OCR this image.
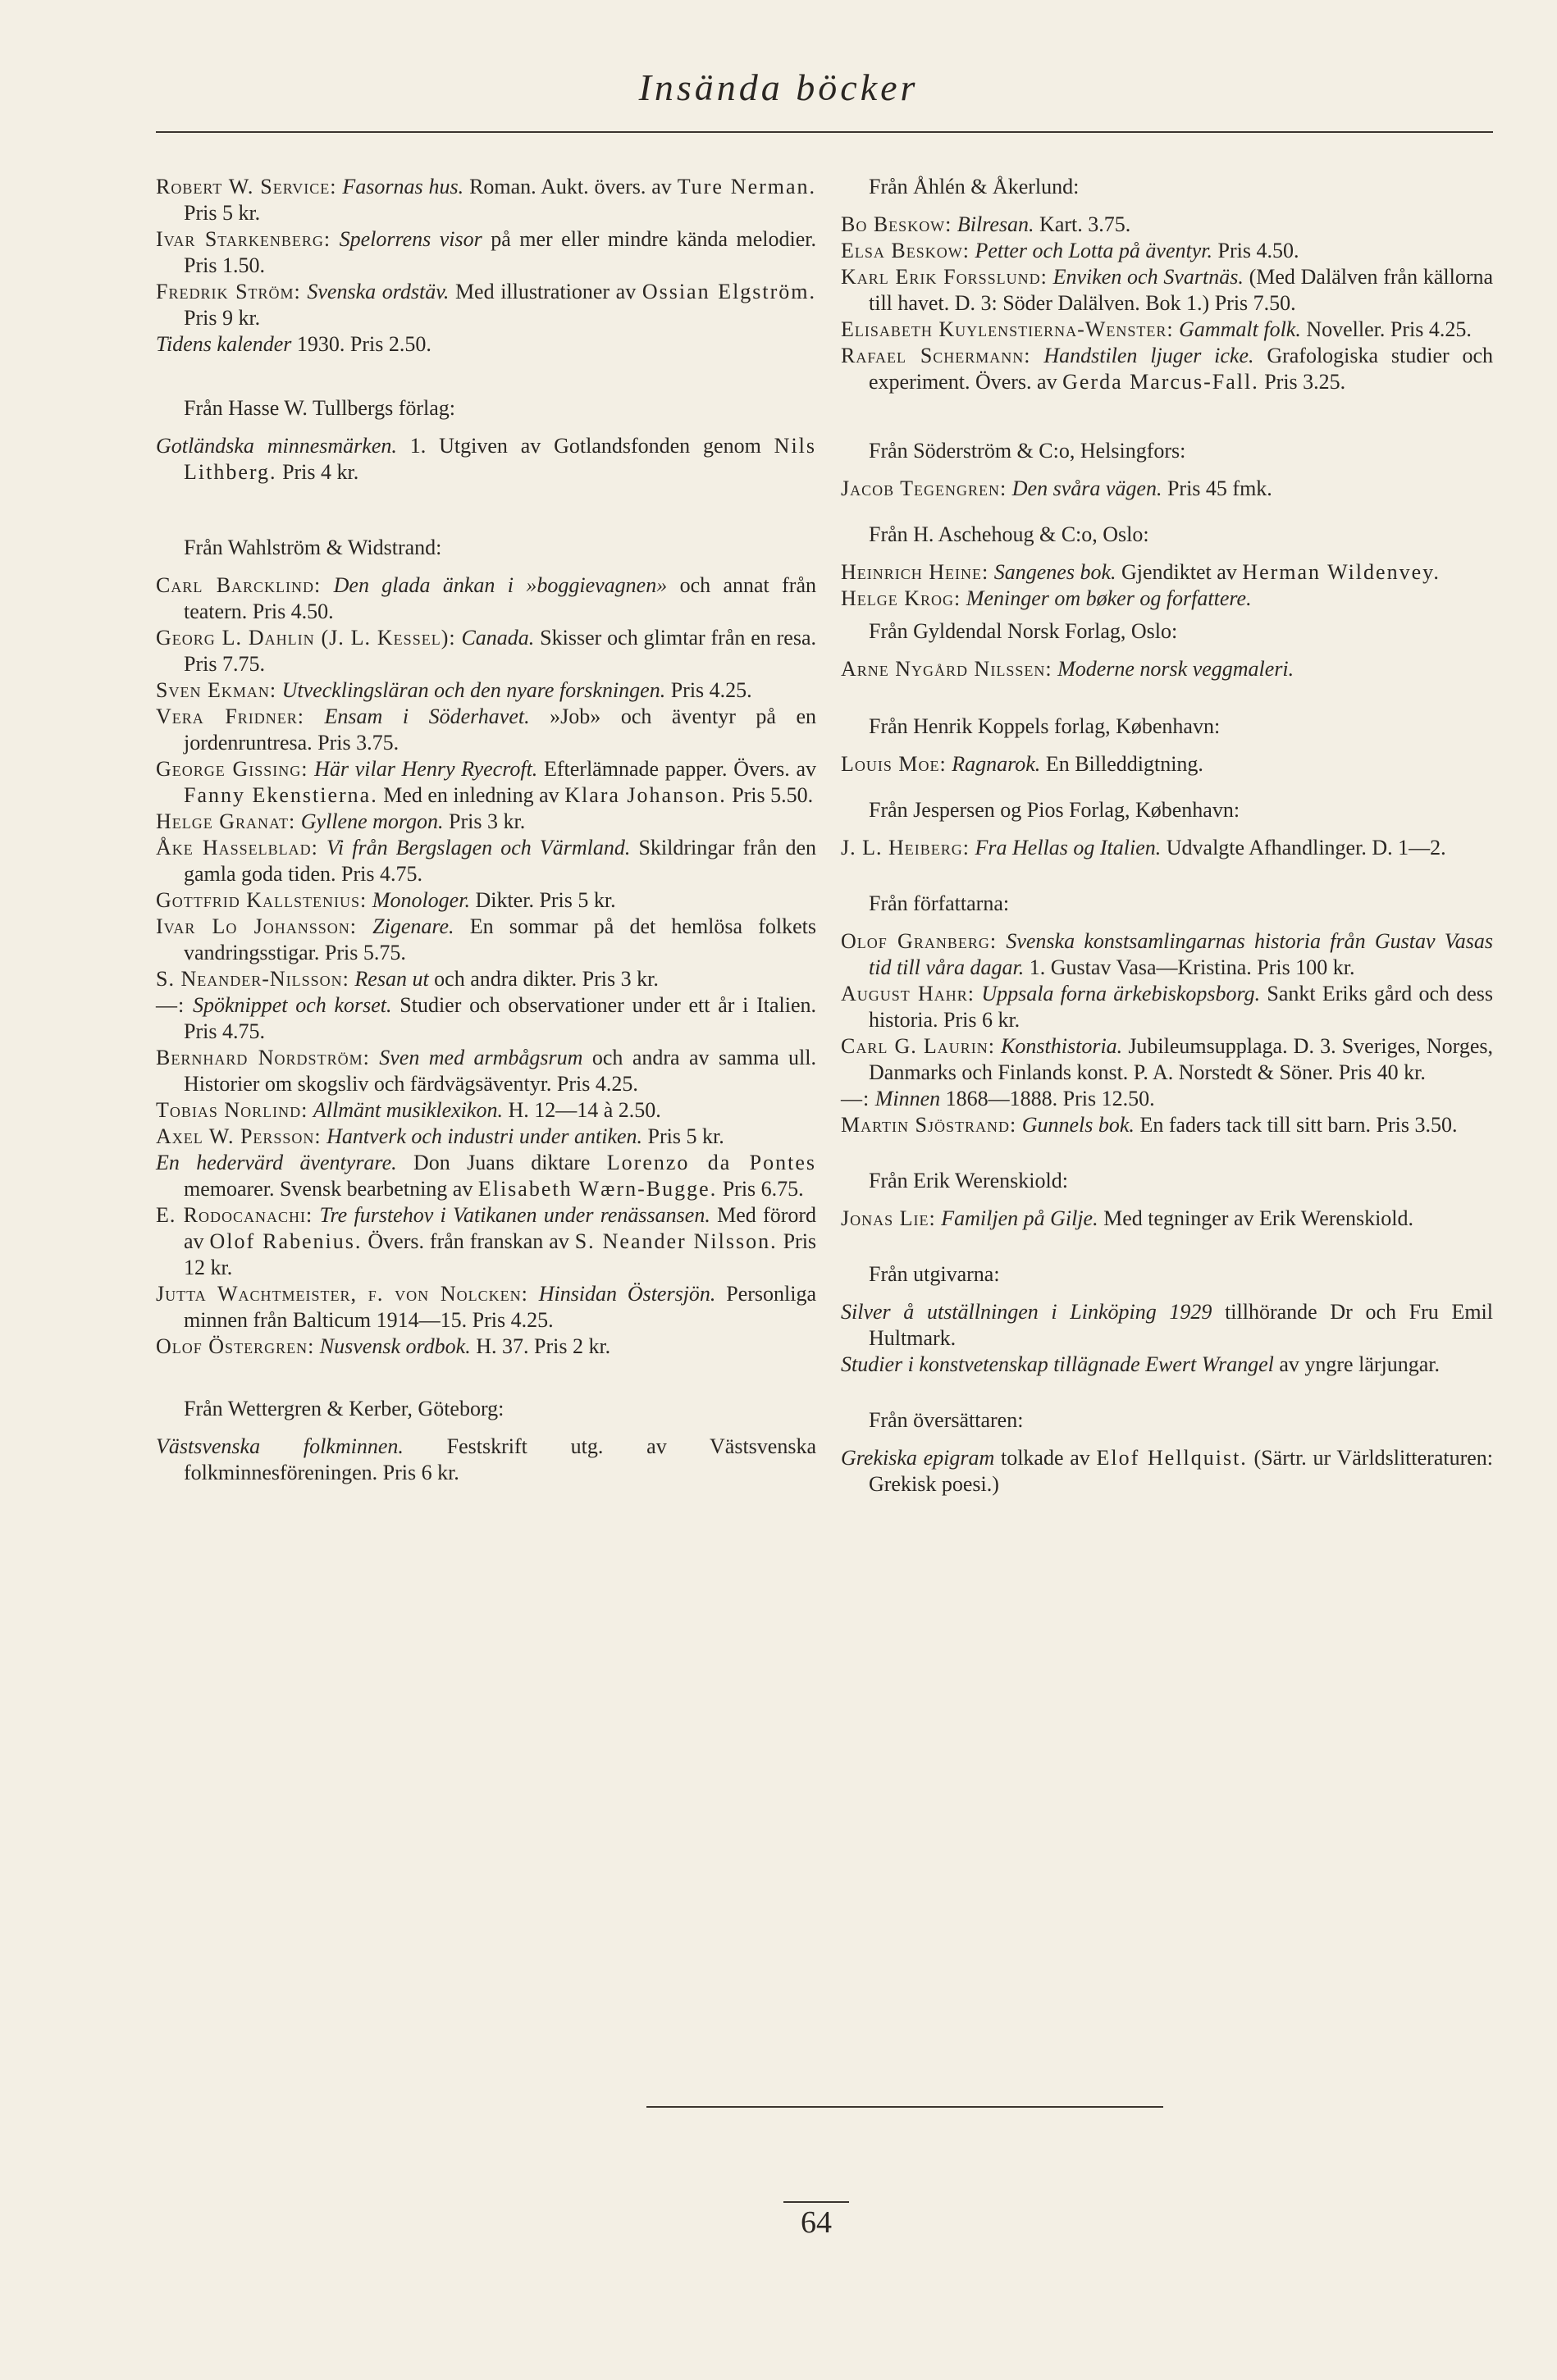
Insända böcker

Robert W. Service: Fasornas hus. Roman. Aukt. övers. av Ture Nerman. Pris 5 kr.

Ivar Starkenberg: Spelorrens visor på mer eller mindre kända melodier. Pris 1.50.

Fredrik Ström: Svenska ordstäv. Med illustrationer av Ossian Elgström. Pris 9 kr.

Tidens kalender 1930. Pris 2.50.

Från Hasse W. Tullbergs förlag:

Gotländska minnesmärken. 1. Utgiven av Gotlandsfonden genom Nils Lithberg. Pris 4 kr.

Från Wahlström & Widstrand:

Carl Barcklind: Den glada änkan i »boggievagnen» och annat från teatern. Pris 4.50.

Georg L. Dahlin (J. L. Kessel): Canada. Skisser och glimtar från en resa. Pris 7.75.

Sven Ekman: Utvecklingsläran och den nyare forskningen. Pris 4.25.

Vera Fridner: Ensam i Söderhavet. »Job» och äventyr på en jordenruntresa. Pris 3.75.

George Gissing: Här vilar Henry Ryecroft. Efterlämnade papper. Övers. av Fanny Ekenstierna. Med en inledning av Klara Johanson. Pris 5.50.

Helge Granat: Gyllene morgon. Pris 3 kr.

Åke Hasselblad: Vi från Bergslagen och Värmland. Skildringar från den gamla goda tiden. Pris 4.75.

Gottfrid Kallstenius: Monologer. Dikter. Pris 5 kr.

Ivar Lo Johansson: Zigenare. En sommar på det hemlösa folkets vandringsstigar. Pris 5.75.

S. Neander-Nilsson: Resan ut och andra dikter. Pris 3 kr.

—: Spöknippet och korset. Studier och observationer under ett år i Italien. Pris 4.75.

Bernhard Nordström: Sven med armbågsrum och andra av samma ull. Historier om skogsliv och färdvägsäventyr. Pris 4.25.

Tobias Norlind: Allmänt musiklexikon. H. 12—14 à 2.50.

Axel W. Persson: Hantverk och industri under antiken. Pris 5 kr.

En hedervärd äventyrare. Don Juans diktare Lorenzo da Pontes memoarer. Svensk bearbetning av Elisabeth Wærn-Bugge. Pris 6.75.

E. Rodocanachi: Tre furstehov i Vatikanen under renässansen. Med förord av Olof Rabenius. Övers. från franskan av S. Neander Nilsson. Pris 12 kr.

Jutta Wachtmeister, f. von Nolcken: Hinsidan Östersjön. Personliga minnen från Balticum 1914—15. Pris 4.25.

Olof Östergren: Nusvensk ordbok. H. 37. Pris 2 kr.

Från Wettergren & Kerber, Göteborg:

Västsvenska folkminnen. Festskrift utg. av Västsvenska folkminnesföreningen. Pris 6 kr.

Från Åhlén & Åkerlund:

Bo Beskow: Bilresan. Kart. 3.75.

Elsa Beskow: Petter och Lotta på äventyr. Pris 4.50.

Karl Erik Forsslund: Enviken och Svartnäs. (Med Dalälven från källorna till havet. D. 3: Söder Dalälven. Bok 1.) Pris 7.50.

Elisabeth Kuylenstierna-Wenster: Gammalt folk. Noveller. Pris 4.25.

Rafael Schermann: Handstilen ljuger icke. Grafologiska studier och experiment. Övers. av Gerda Marcus-Fall. Pris 3.25.

Från Söderström & C:o, Helsingfors:

Jacob Tegengren: Den svåra vägen. Pris 45 fmk.

Från H. Aschehoug & C:o, Oslo:

Heinrich Heine: Sangenes bok. Gjendiktet av Herman Wildenvey.

Helge Krog: Meninger om bøker og forfattere.

Från Gyldendal Norsk Forlag, Oslo:

Arne Nygård Nilssen: Moderne norsk veggmaleri.

Från Henrik Koppels forlag, København:

Louis Moe: Ragnarok. En Billeddigtning.

Från Jespersen og Pios Forlag, København:

J. L. Heiberg: Fra Hellas og Italien. Udvalgte Afhandlinger. D. 1—2.

Från författarna:

Olof Granberg: Svenska konstsamlingarnas historia från Gustav Vasas tid till våra dagar. 1. Gustav Vasa—Kristina. Pris 100 kr.

August Hahr: Uppsala forna ärkebiskopsborg. Sankt Eriks gård och dess historia. Pris 6 kr.

Carl G. Laurin: Konsthistoria. Jubileumsupplaga. D. 3. Sveriges, Norges, Danmarks och Finlands konst. P. A. Norstedt & Söner. Pris 40 kr.

—: Minnen 1868—1888. Pris 12.50.

Martin Sjöstrand: Gunnels bok. En faders tack till sitt barn. Pris 3.50.

Från Erik Werenskiold:

Jonas Lie: Familjen på Gilje. Med tegninger av Erik Werenskiold.

Från utgivarna:

Silver å utställningen i Linköping 1929 tillhörande Dr och Fru Emil Hultmark.

Studier i konstvetenskap tillägnade Ewert Wrangel av yngre lärjungar.

Från översättaren:

Grekiska epigram tolkade av Elof Hellquist. (Särtr. ur Världslitteraturen: Grekisk poesi.)

64
